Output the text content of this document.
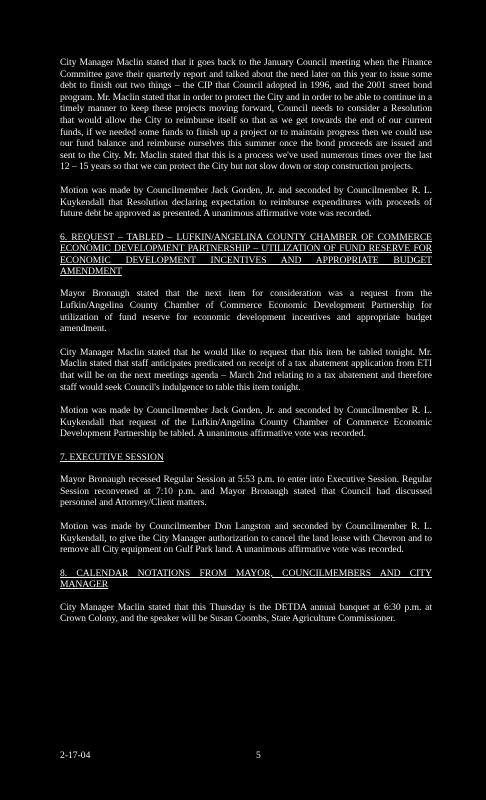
City Manager Maclin stated that it goes back to the January Council meeting when the Finance Committee gave their quarterly report and talked about the need later on this year to issue some debt to finish out two things – the CIP that Council adopted in 1996, and the 2001 street bond program. Mr. Maclin stated that in order to protect the City and in order to be able to continue in a timely manner to keep these projects moving forward, Council needs to consider a Resolution that would allow the City to reimburse itself so that as we get towards the end of our current funds, if we needed some funds to finish up a project or to maintain progress then we could use our fund balance and reimburse ourselves this summer once the bond proceeds are issued and sent to the City. Mr. Maclin stated that this is a process we've used numerous times over the last 12 – 15 years so that we can protect the City but not slow down or stop construction projects.

Motion was made by Councilmember Jack Gorden, Jr. and seconded by Councilmember R. L. Kuykendall that Resolution declaring expectation to reimburse expenditures with proceeds of future debt be approved as presented. A unanimous affirmative vote was recorded.

6. REQUEST – TABLED – LUFKIN/ANGELINA COUNTY CHAMBER OF COMMERCE ECONOMIC DEVELOPMENT PARTNERSHIP – UTILIZATION OF FUND RESERVE FOR ECONOMIC DEVELOPMENT INCENTIVES AND APPROPRIATE BUDGET AMENDMENT

Mayor Bronaugh stated that the next item for consideration was a request from the Lufkin/Angelina County Chamber of Commerce Economic Development Partnership for utilization of fund reserve for economic development incentives and appropriate budget amendment.

City Manager Maclin stated that he would like to request that this item be tabled tonight. Mr. Maclin stated that staff anticipates predicated on receipt of a tax abatement application from ETI that will be on the next meetings agenda – March 2nd relating to a tax abatement and therefore staff would seek Council's indulgence to table this item tonight.

Motion was made by Councilmember Jack Gorden, Jr. and seconded by Councilmember R. L. Kuykendall that request of the Lufkin/Angelina County Chamber of Commerce Economic Development Partnership be tabled. A unanimous affirmative vote was recorded.

7. EXECUTIVE SESSION

Mayor Bronaugh recessed Regular Session at 5:53 p.m. to enter into Executive Session. Regular Session reconvened at 7:10 p.m. and Mayor Bronaugh stated that Council had discussed personnel and Attorney/Client matters.

Motion was made by Councilmember Don Langston and seconded by Councilmember R. L. Kuykendall, to give the City Manager authorization to cancel the land lease with Chevron and to remove all City equipment on Gulf Park land. A unanimous affirmative vote was recorded.

8. CALENDAR NOTATIONS FROM MAYOR, COUNCILMEMBERS AND CITY MANAGER

City Manager Maclin stated that this Thursday is the DETDA annual banquet at 6:30 p.m. at Crown Colony, and the speaker will be Susan Coombs, State Agriculture Commissioner.

2-17-04	5
